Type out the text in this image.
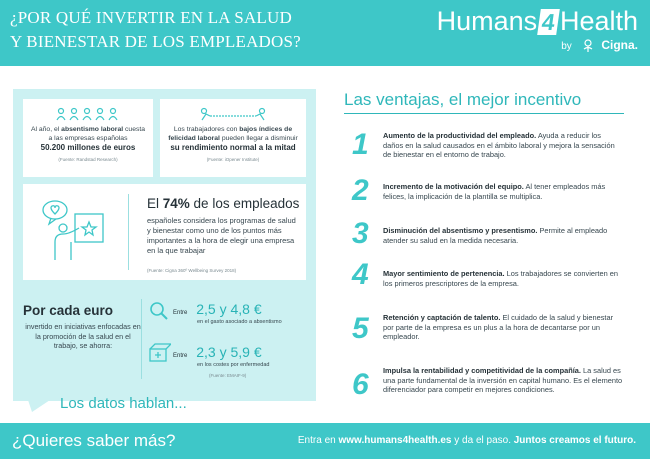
¿POR QUÉ INVERTIR EN LA SALUD
Y BIENESTAR DE LOS EMPLEADOS?
Humans 4 Health
by Cigna.
Al año, el absentismo laboral cuesta a las empresas españolas
50.200 millones de euros
(Fuente: Randstad Research)
Los trabajadores con bajos índices de felicidad laboral pueden llegar a disminuir
su rendimiento normal a la mitad
(Fuente: iOpener Institute)
El 74% de los empleados
españoles considera los programas de salud y bienestar como uno de los puntos más importantes a la hora de elegir una empresa en la que trabajar
(Fuente: Cigna 360º Wellbeing Survey 2018)
Por cada euro
invertido en iniciativas enfocadas en la promoción de la salud en el trabajo, se ahorra:
Entre 2,5 y 4,8 €
en el gasto asociado a absentismo
Entre 2,3 y 5,9 €
en los costes por enfermedad
(Fuente: EMAIF-9)
Los datos hablan...
Las ventajas, el mejor incentivo
1	Aumento de la productividad del empleado. Ayuda a reducir los daños en la salud causados en el ámbito laboral y mejora la sensación de bienestar en el entorno de trabajo.
2	Incremento de la motivación del equipo. Al tener empleados más felices, la implicación de la plantilla se multiplica.
3	Disminución del absentismo y presentismo. Permite al empleado atender su salud en la medida necesaria.
4	Mayor sentimiento de pertenencia. Los trabajadores se convierten en los primeros prescriptores de la empresa.
5	Retención y captación de talento. El cuidado de la salud y bienestar por parte de la empresa es un plus a la hora de decantarse por un empleador.
6	Impulsa la rentabilidad y competitividad de la compañía. La salud es una parte fundamental de la inversión en capital humano. Es el elemento diferenciador para competir en mejores condiciones.
¿Quieres saber más?	Entra en www.humans4health.es y da el paso. Juntos creamos el futuro.
